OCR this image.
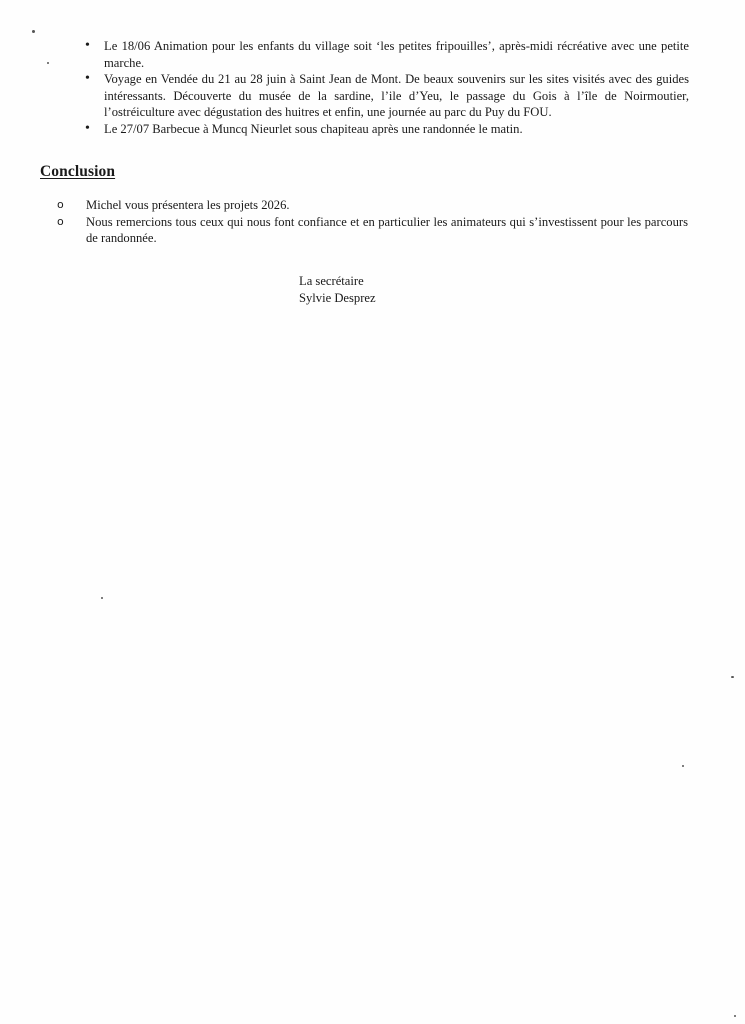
• Le 18/06 Animation pour les enfants du village soit ‘les petites fripouilles’, après-midi récréative avec une petite marche.
• Voyage en Vendée du 21 au 28 juin à Saint Jean de Mont. De beaux souvenirs sur les sites visités avec des guides intéressants. Découverte du musée de la sardine, l’ile d’Yeu, le passage du Gois à l’île de Noirmoutier, l’ostréiculture avec dégustation des huitres et enfin, une journée au parc du Puy du FOU.
• Le 27/07 Barbecue à Muncq Nieurlet sous chapiteau après une randonnée le matin.
Conclusion
o Michel vous présentera les projets 2026.
o Nous remercions tous ceux qui nous font confiance et en particulier les animateurs qui s’investissent pour les parcours de randonnée.
La secrétaire
Sylvie Desprez
